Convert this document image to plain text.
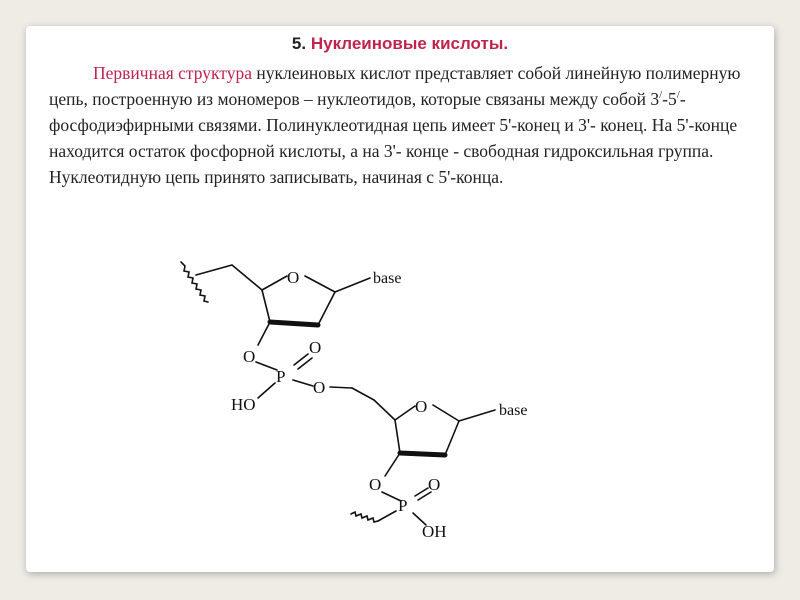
5. Нуклеиновые кислоты.

Первичная структура нуклеиновых кислот представляет собой линейную полимерную цепь, построенную из мономеров – нуклеотидов, которые связаны между собой 3/-5/-фосфодиэфирными связями. Полинуклеотидная цепь имеет 5'-конец и 3'- конец. На 5'-конце находится остаток фосфорной кислоты, а на 3'- конце - свободная гидроксильная группа. Нуклеотидную цепь принято записывать, начиная с 5'-конца.

O	base
O	O
P
O
HO	O	base
O	O
P
OH
